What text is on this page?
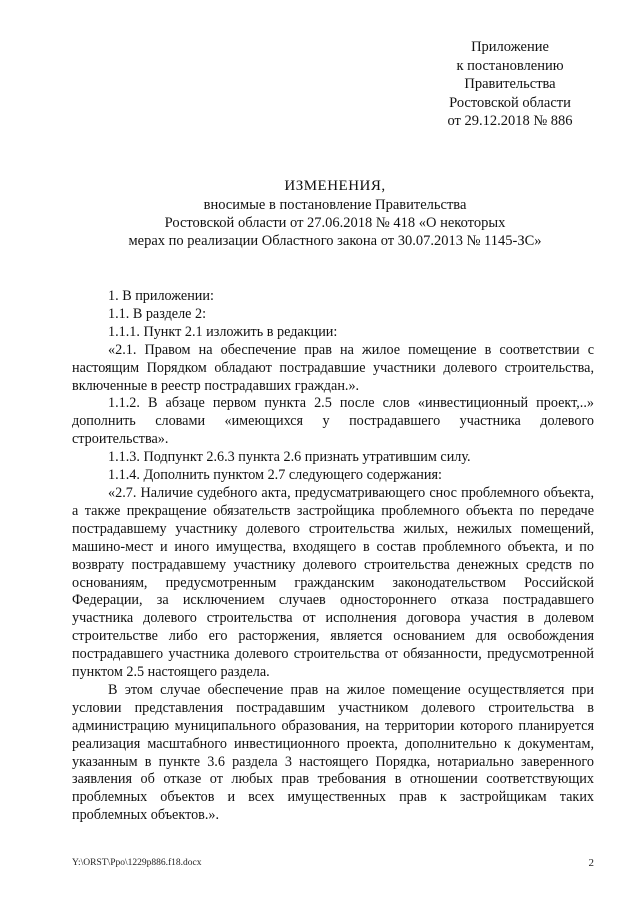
Приложение
к постановлению
Правительства
Ростовской области
от 29.12.2018 № 886
ИЗМЕНЕНИЯ,
вносимые в постановление Правительства
Ростовской области от 27.06.2018 № 418 «О некоторых
мерах по реализации Областного закона от 30.07.2013 № 1145-ЗС»

1. В приложении:

1.1. В разделе 2:

1.1.1. Пункт 2.1 изложить в редакции:

«2.1. Правом на обеспечение прав на жилое помещение в соответствии с настоящим Порядком обладают пострадавшие участники долевого строительства, включенные в реестр пострадавших граждан.».

1.1.2. В абзаце первом пункта 2.5 после слов «инвестиционный проект,..» дополнить словами «имеющихся у пострадавшего участника долевого строительства».

1.1.3. Подпункт 2.6.3 пункта 2.6 признать утратившим силу.

1.1.4. Дополнить пунктом 2.7 следующего содержания:

«2.7. Наличие судебного акта, предусматривающего снос проблемного объекта, а также прекращение обязательств застройщика проблемного объекта по передаче пострадавшему участнику долевого строительства жилых, нежилых помещений, машино-мест и иного имущества, входящего в состав проблемного объекта, и по возврату пострадавшему участнику долевого строительства денежных средств по основаниям, предусмотренным гражданским законодательством Российской Федерации, за исключением случаев одностороннего отказа пострадавшего участника долевого строительства от исполнения договора участия в долевом строительстве либо его расторжения, является основанием для освобождения пострадавшего участника долевого строительства от обязанности, предусмотренной пунктом 2.5 настоящего раздела.

В этом случае обеспечение прав на жилое помещение осуществляется при условии представления пострадавшим участником долевого строительства в администрацию муниципального образования, на территории которого планируется реализация масштабного инвестиционного проекта, дополнительно к документам, указанным в пункте 3.6 раздела 3 настоящего Порядка, нотариально заверенного заявления об отказе от любых прав требования в отношении соответствующих проблемных объектов и всех имущественных прав к застройщикам таких проблемных объектов.».

Y:\ORST\Ppo\1229p886.f18.docx	2
